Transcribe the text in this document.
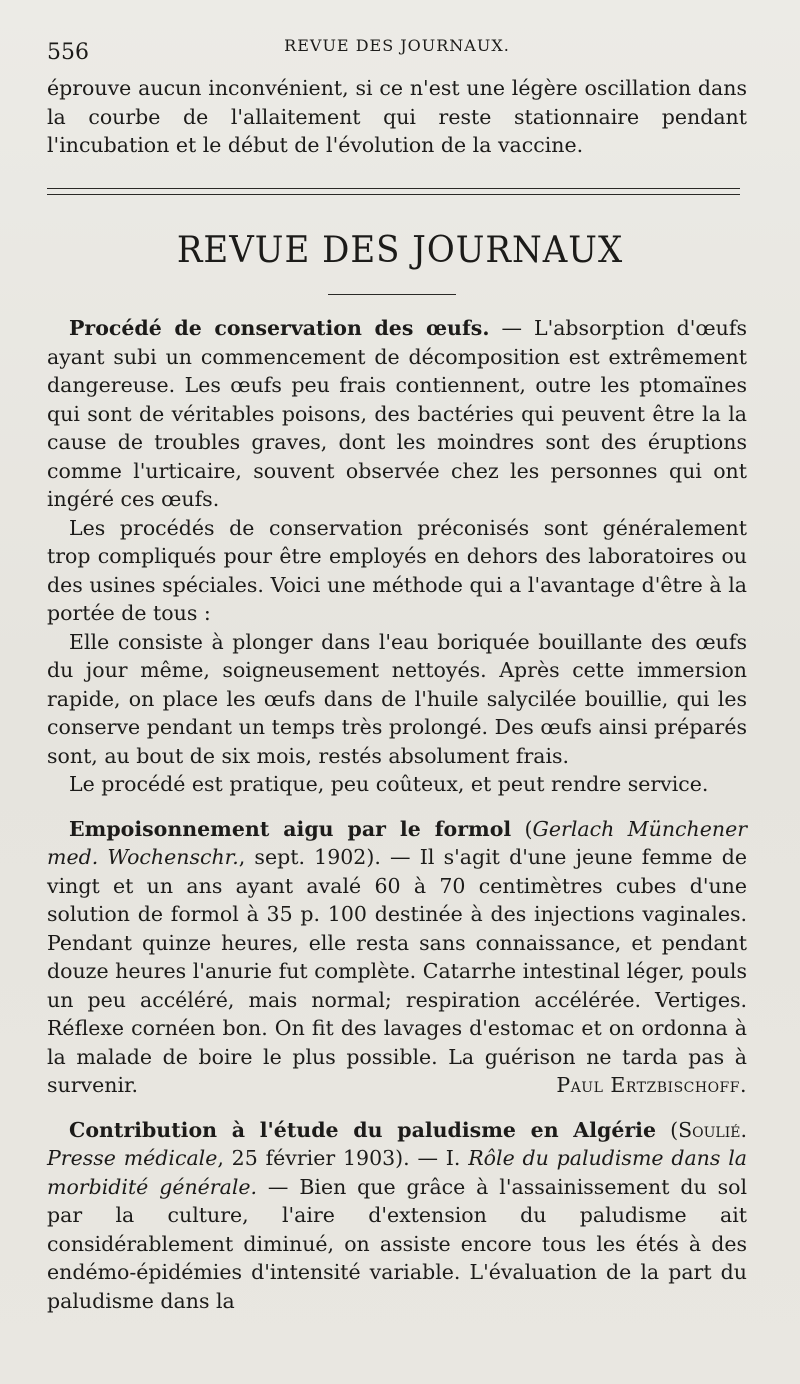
556	REVUE DES JOURNAUX.

éprouve aucun inconvénient, si ce n'est une légère oscillation dans la courbe de l'allaitement qui reste stationnaire pendant l'incubation et le début de l'évolution de la vaccine.

REVUE DES JOURNAUX

Procédé de conservation des œufs. — L'absorption d'œufs ayant subi un commencement de décomposition est extrêmement dangereuse. Les œufs peu frais contiennent, outre les ptomaïnes qui sont de véritables poisons, des bactéries qui peuvent être la la cause de troubles graves, dont les moindres sont des éruptions comme l'urticaire, souvent observée chez les personnes qui ont ingéré ces œufs.

Les procédés de conservation préconisés sont généralement trop compliqués pour être employés en dehors des laboratoires ou des usines spéciales. Voici une méthode qui a l'avantage d'être à la portée de tous :

Elle consiste à plonger dans l'eau boriquée bouillante des œufs du jour même, soigneusement nettoyés. Après cette immersion rapide, on place les œufs dans de l'huile salycilée bouillie, qui les conserve pendant un temps très prolongé. Des œufs ainsi préparés sont, au bout de six mois, restés absolument frais.

Le procédé est pratique, peu coûteux, et peut rendre service.

Empoisonnement aigu par le formol (Gerlach Münchener med. Wochenschr., sept. 1902). — Il s'agit d'une jeune femme de vingt et un ans ayant avalé 60 à 70 centimètres cubes d'une solution de formol à 35 p. 100 destinée à des injections vaginales. Pendant quinze heures, elle resta sans connaissance, et pendant douze heures l'anurie fut complète. Catarrhe intestinal léger, pouls un peu accéléré, mais normal; respiration accélérée. Vertiges. Réflexe cornéen bon. On fit des lavages d'estomac et on ordonna à la malade de boire le plus possible. La guérison ne tarda pas à survenir.	Paul Ertzbischoff.

Contribution à l'étude du paludisme en Algérie (Soulié. Presse médicale, 25 février 1903). — I. Rôle du paludisme dans la morbidité générale. — Bien que grâce à l'assainissement du sol par la culture, l'aire d'extension du paludisme ait considérablement diminué, on assiste encore tous les étés à des endémo-épidémies d'intensité variable. L'évaluation de la part du paludisme dans la
